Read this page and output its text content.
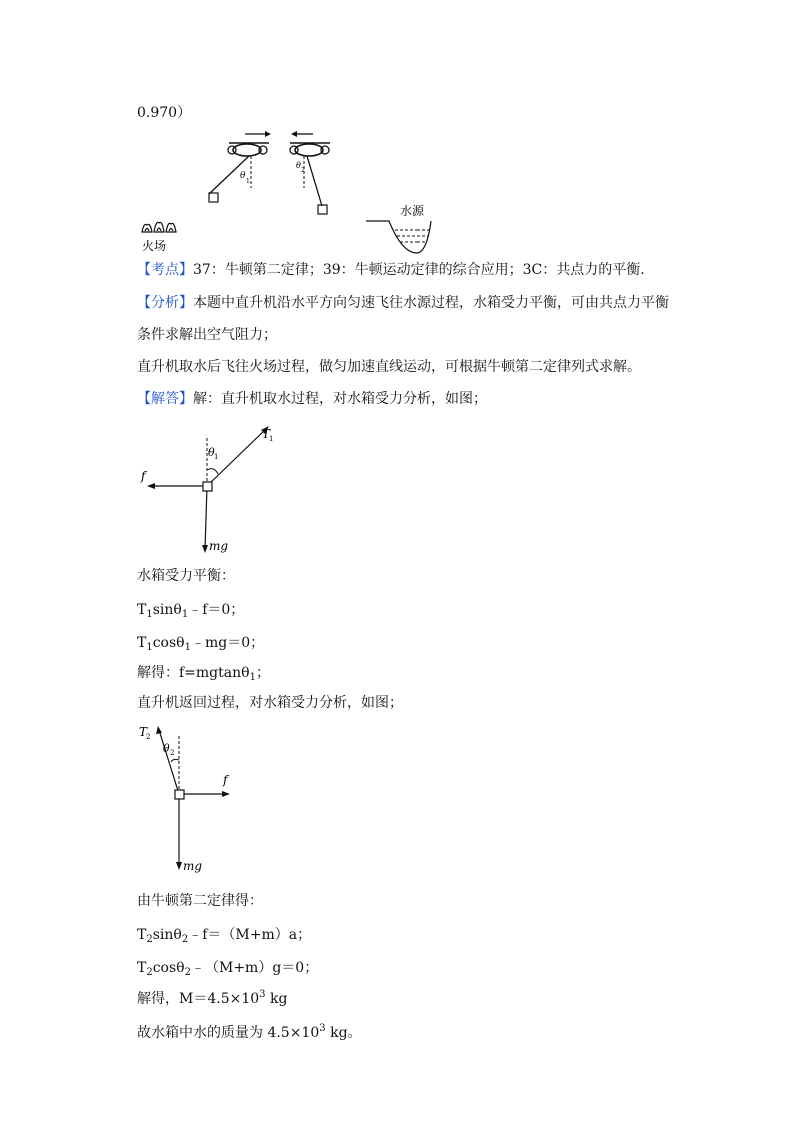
0.970）
θ
1
θ
2
火场
水源
【考点】37：牛顿第二定律；39：牛顿运动定律的综合应用；3C：共点力的平衡.
【分析】本题中直升机沿水平方向匀速飞往水源过程，水箱受力平衡，可由共点力平衡
条件求解出空气阻力；
直升机取水后飞往火场过程，做匀加速直线运动，可根据牛顿第二定律列式求解。
【解答】解：直升机取水过程，对水箱受力分析，如图；
T
1
θ 1
f
mg
水箱受力平衡：
$T_1\sin\theta_1﹣f=0$；
$T_1\cos\theta_1﹣mg=0$；
解得：f=mgtanθ$_1$；
直升机返回过程，对水箱受力分析，如图；
T
2
θ 2
f
mg
由牛顿第二定律得：
$T_2\sin\theta_2﹣f=(M+m)a$；
$T_2\cos\theta_2﹣(M+m)g=0$；
解得，$M=4.5\times 10^3$ kg
故水箱中水的质量为 $4.5\times 10^3$ kg。
